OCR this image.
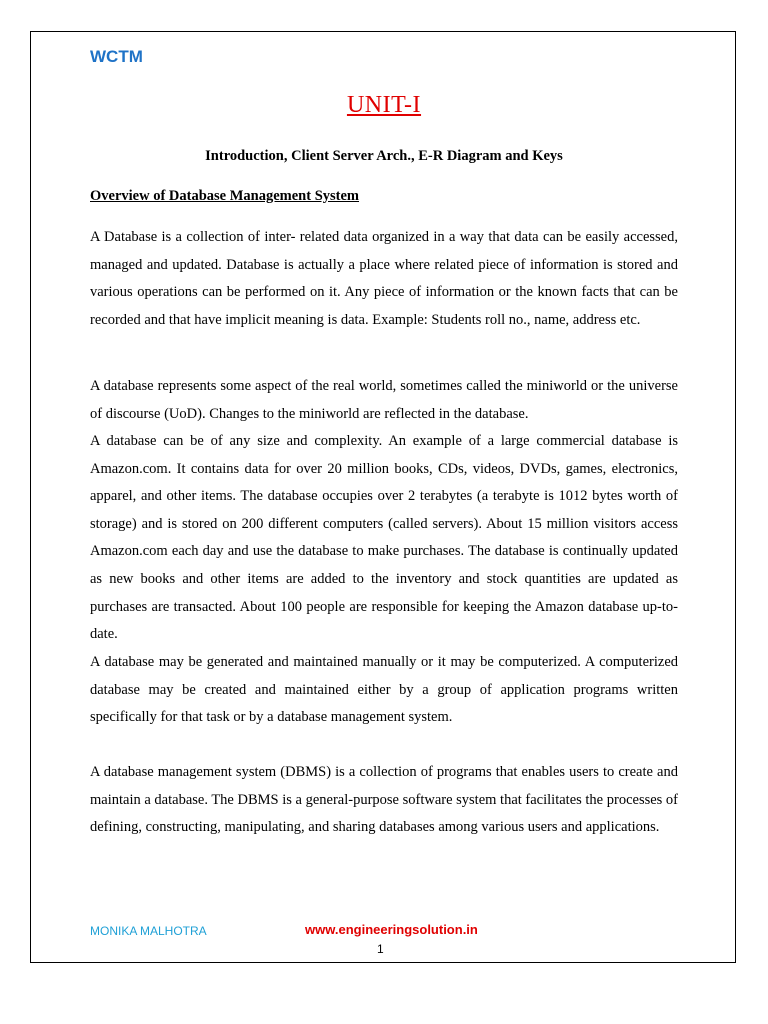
WCTM
UNIT-I
Introduction, Client Server Arch., E-R Diagram and Keys
Overview of Database Management System

A Database is a collection of inter- related data organized in a way that data can be easily accessed, managed and updated. Database is actually a place where related piece of information is stored and various operations can be performed on it. Any piece of information or the known facts that can be recorded and that have implicit meaning is data. Example: Students roll no., name, address etc.

A database represents some aspect of the real world, sometimes called the miniworld or the universe of discourse (UoD). Changes to the miniworld are reflected in the database.

A database can be of any size and complexity. An example of a large commercial database is Amazon.com. It contains data for over 20 million books, CDs, videos, DVDs, games, electronics, apparel, and other items. The database occupies over 2 terabytes (a terabyte is 1012 bytes worth of storage) and is stored on 200 different computers (called servers). About 15 million visitors access Amazon.com each day and use the database to make purchases. The database is continually updated as new books and other items are added to the inventory and stock quantities are updated as purchases are transacted. About 100 people are responsible for keeping the Amazon database up-to-date.

A database may be generated and maintained manually or it may be computerized. A computerized database may be created and maintained either by a group of application programs written specifically for that task or by a database management system.

A database management system (DBMS) is a collection of programs that enables users to create and maintain a database. The DBMS is a general-purpose software system that facilitates the processes of defining, constructing, manipulating, and sharing databases among various users and applications.

MONIKA MALHOTRA	www.engineeringsolution.in
1
